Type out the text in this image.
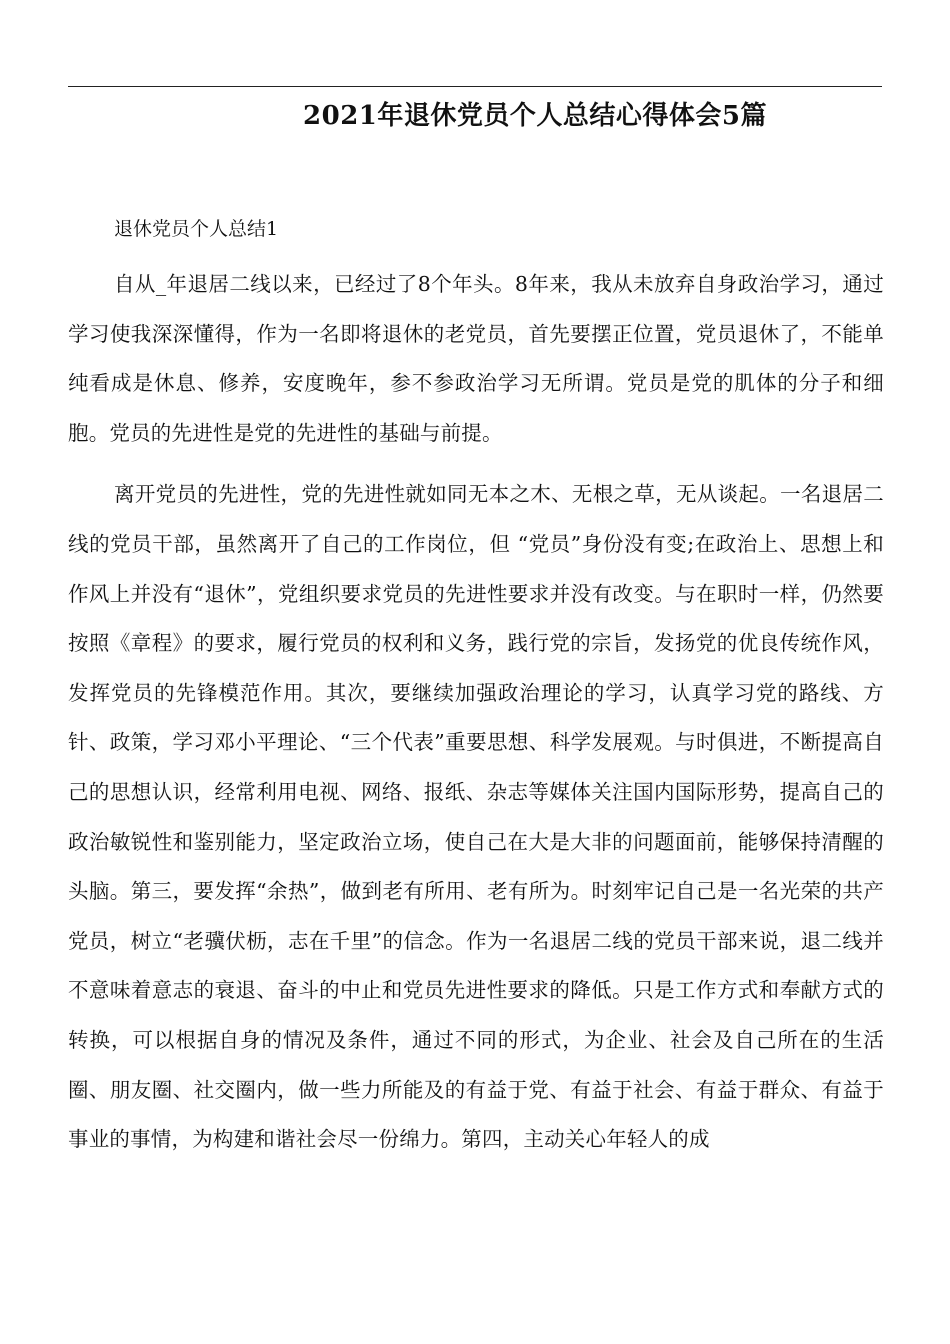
2021年退休党员个人总结心得体会5篇

退休党员个人总结1

自从_年退居二线以来，已经过了8个年头。8年来，我从未放弃自身政治学习，通过学习使我深深懂得，作为一名即将退休的老党员，首先要摆正位置，党员退休了，不能单纯看成是休息、修养，安度晚年，参不参政治学习无所谓。党员是党的肌体的分子和细胞。党员的先进性是党的先进性的基础与前提。

离开党员的先进性，党的先进性就如同无本之木、无根之草，无从谈起。一名退居二线的党员干部，虽然离开了自己的工作岗位，但 “党员”身份没有变;在政治上、思想上和作风上并没有“退休”，党组织要求党员的先进性要求并没有改变。与在职时一样，仍然要按照《章程》的要求，履行党员的权利和义务，践行党的宗旨，发扬党的优良传统作风，发挥党员的先锋模范作用。其次，要继续加强政治理论的学习，认真学习党的路线、方针、政策，学习邓小平理论、“三个代表”重要思想、科学发展观。与时俱进，不断提高自己的思想认识，经常利用电视、网络、报纸、杂志等媒体关注国内国际形势，提高自己的政治敏锐性和鉴别能力，坚定政治立场，使自己在大是大非的问题面前，能够保持清醒的头脑。第三，要发挥“余热”，做到老有所用、老有所为。时刻牢记自己是一名光荣的共产党员，树立“老骥伏枥，志在千里”的信念。作为一名退居二线的党员干部来说，退二线并不意味着意志的衰退、奋斗的中止和党员先进性要求的降低。只是工作方式和奉献方式的转换，可以根据自身的情况及条件，通过不同的形式，为企业、社会及自己所在的生活圈、朋友圈、社交圈内，做一些力所能及的有益于党、有益于社会、有益于群众、有益于事业的事情，为构建和谐社会尽一份绵力。第四，主动关心年轻人的成
